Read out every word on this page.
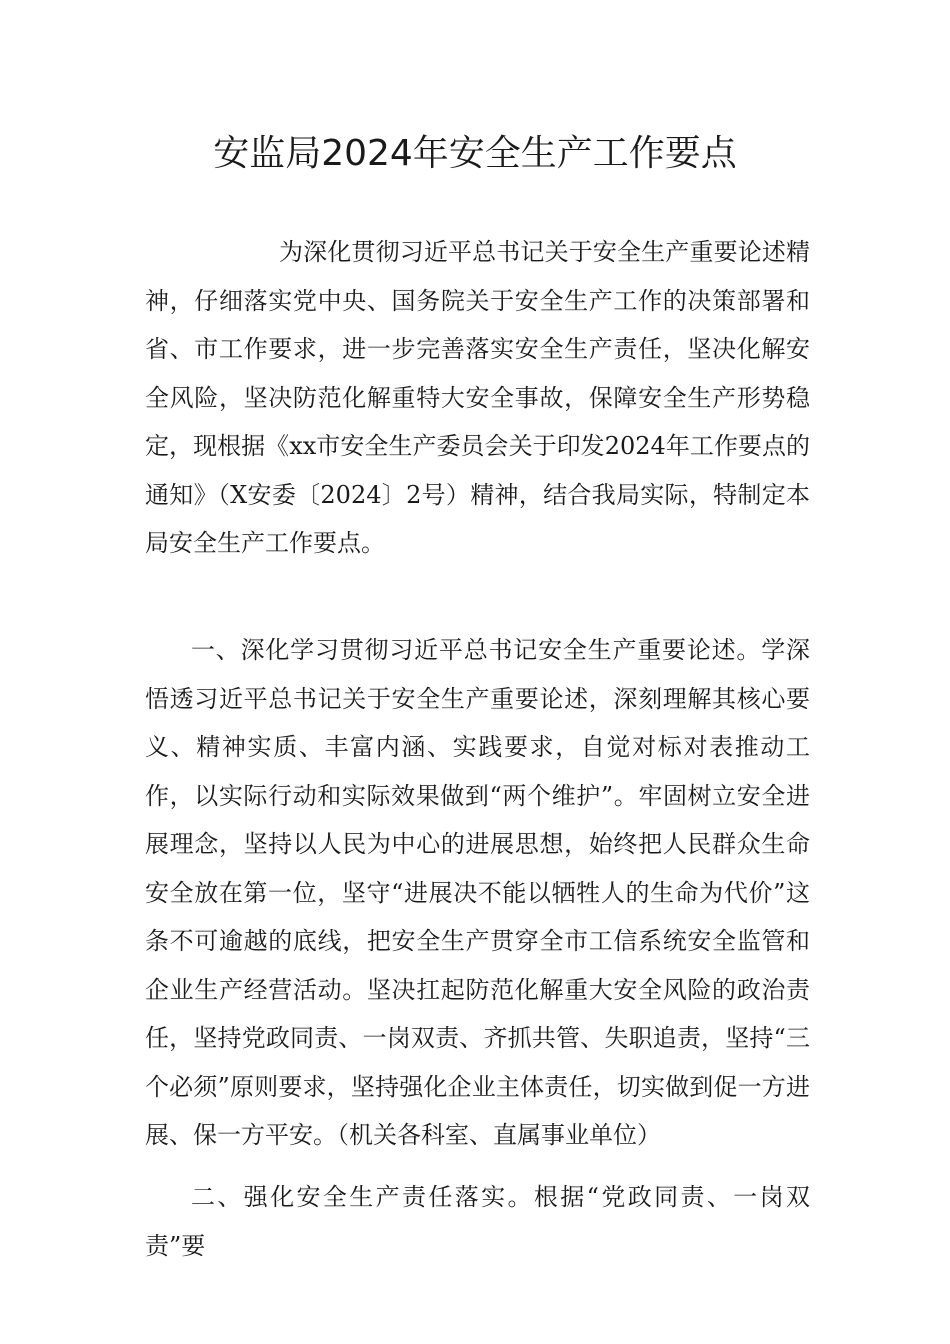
安监局2024年安全生产工作要点

为深化贯彻习近平总书记关于安全生产重要论述精神，仔细落实党中央、国务院关于安全生产工作的决策部署和省、市工作要求，进一步完善落实安全生产责任，坚决化解安全风险，坚决防范化解重特大安全事故，保障安全生产形势稳定，现根据《xx市安全生产委员会关于印发2024年工作要点的通知》（X安委〔2024〕2号）精神，结合我局实际，特制定本局安全生产工作要点。

一、深化学习贯彻习近平总书记安全生产重要论述。学深悟透习近平总书记关于安全生产重要论述，深刻理解其核心要义、精神实质、丰富内涵、实践要求，自觉对标对表推动工作，以实际行动和实际效果做到“两个维护”。牢固树立安全进展理念，坚持以人民为中心的进展思想，始终把人民群众生命安全放在第一位，坚守“进展决不能以牺牲人的生命为代价”这条不可逾越的底线，把安全生产贯穿全市工信系统安全监管和企业生产经营活动。坚决扛起防范化解重大安全风险的政治责任，坚持党政同责、一岗双责、齐抓共管、失职追责，坚持“三个必须”原则要求，坚持强化企业主体责任，切实做到促一方进展、保一方平安。（机关各科室、直属事业单位）

二、强化安全生产责任落实。根据“党政同责、一岗双责”要
